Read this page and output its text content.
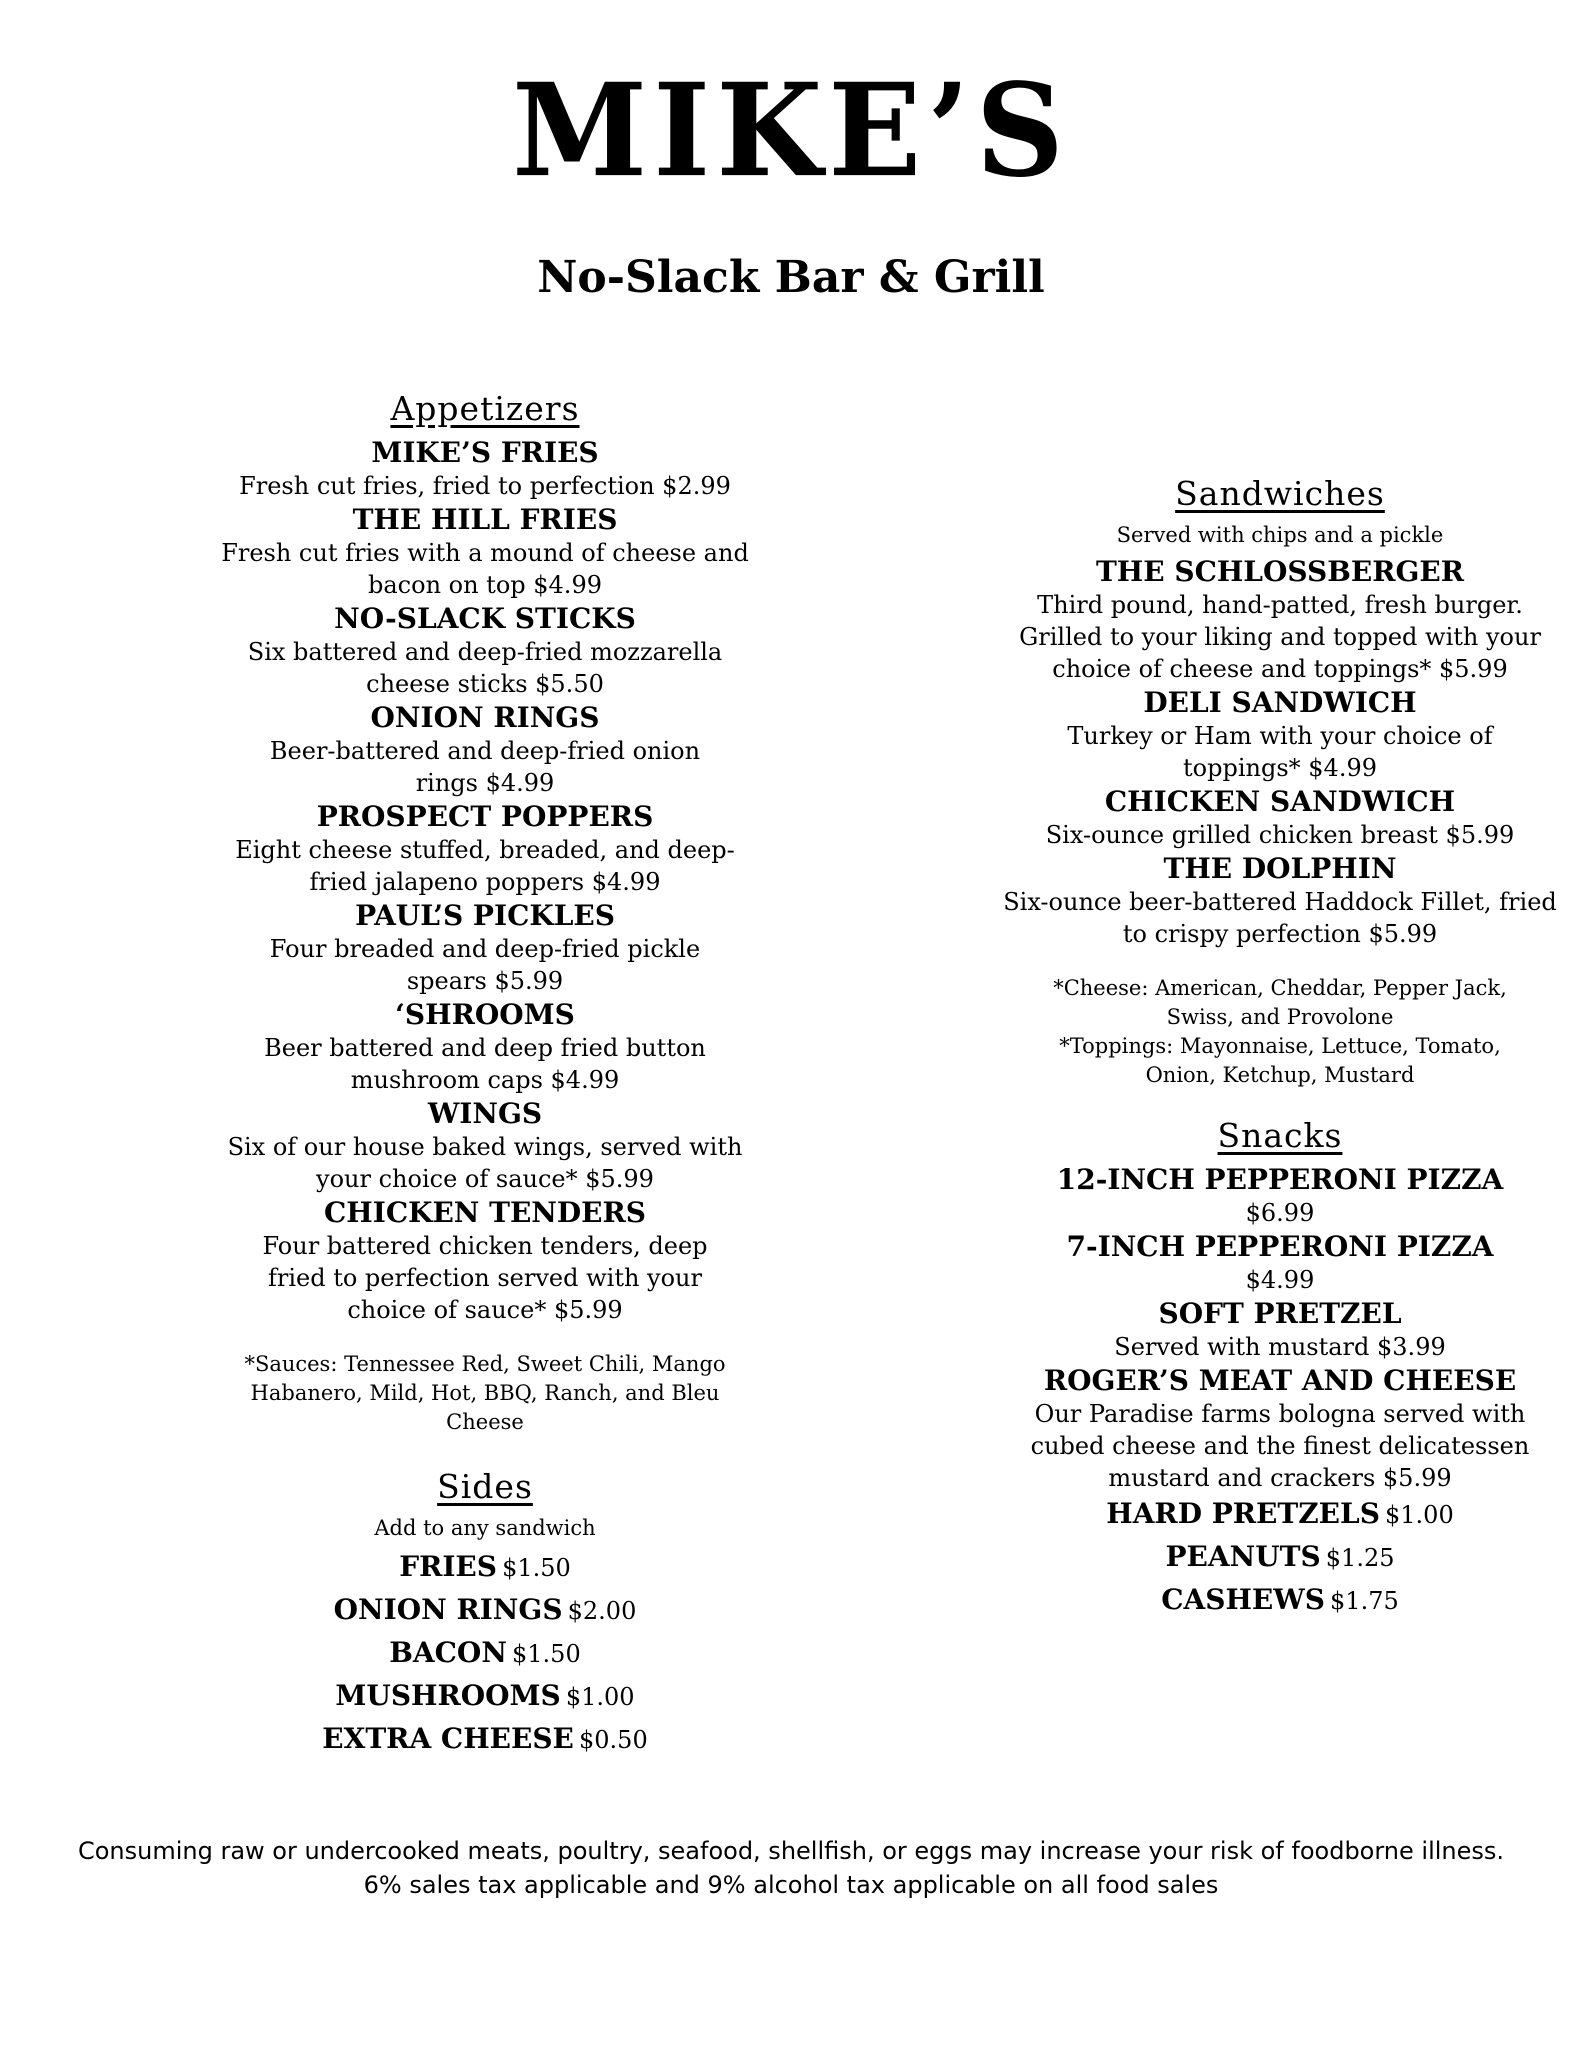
MIKE’S
No-Slack Bar & Grill
Appetizers
MIKE’S FRIES
Fresh cut fries, fried to perfection $2.99
THE HILL FRIES
Fresh cut fries with a mound of cheese and bacon on top $4.99
NO-SLACK STICKS
Six battered and deep-fried mozzarella cheese sticks $5.50
ONION RINGS
Beer-battered and deep-fried onion rings $4.99
PROSPECT POPPERS
Eight cheese stuffed, breaded, and deep-fried jalapeno poppers $4.99
PAUL’S PICKLES
Four breaded and deep-fried pickle spears $5.99
‘SHROOMS
Beer battered and deep fried button mushroom caps $4.99
WINGS
Six of our house baked wings, served with your choice of sauce* $5.99
CHICKEN TENDERS
Four battered chicken tenders, deep fried to perfection served with your choice of sauce* $5.99
*Sauces: Tennessee Red, Sweet Chili, Mango
Habanero, Mild, Hot, BBQ, Ranch, and Bleu
Cheese
Sides
Add to any sandwich
FRIES $1.50
ONION RINGS $2.00
BACON $1.50
MUSHROOMS $1.00
EXTRA CHEESE $0.50
Sandwiches
Served with chips and a pickle
THE SCHLOSSBERGER
Third pound, hand-patted, fresh burger. Grilled to your liking and topped with your choice of cheese and toppings* $5.99
DELI SANDWICH
Turkey or Ham with your choice of toppings* $4.99
CHICKEN SANDWICH
Six-ounce grilled chicken breast $5.99
THE DOLPHIN
Six-ounce beer-battered Haddock Fillet, fried to crispy perfection $5.99
*Cheese: American, Cheddar, Pepper Jack,
Swiss, and Provolone
*Toppings: Mayonnaise, Lettuce, Tomato,
Onion, Ketchup, Mustard
Snacks
12-INCH PEPPERONI PIZZA
$6.99
7-INCH PEPPERONI PIZZA
$4.99
SOFT PRETZEL
Served with mustard $3.99
ROGER’S MEAT AND CHEESE
Our Paradise farms bologna served with cubed cheese and the finest delicatessen mustard and crackers $5.99
HARD PRETZELS $1.00
PEANUTS $1.25
CASHEWS $1.75
Consuming raw or undercooked meats, poultry, seafood, shellfish, or eggs may increase your risk of foodborne illness.
6% sales tax applicable and 9% alcohol tax applicable on all food sales
